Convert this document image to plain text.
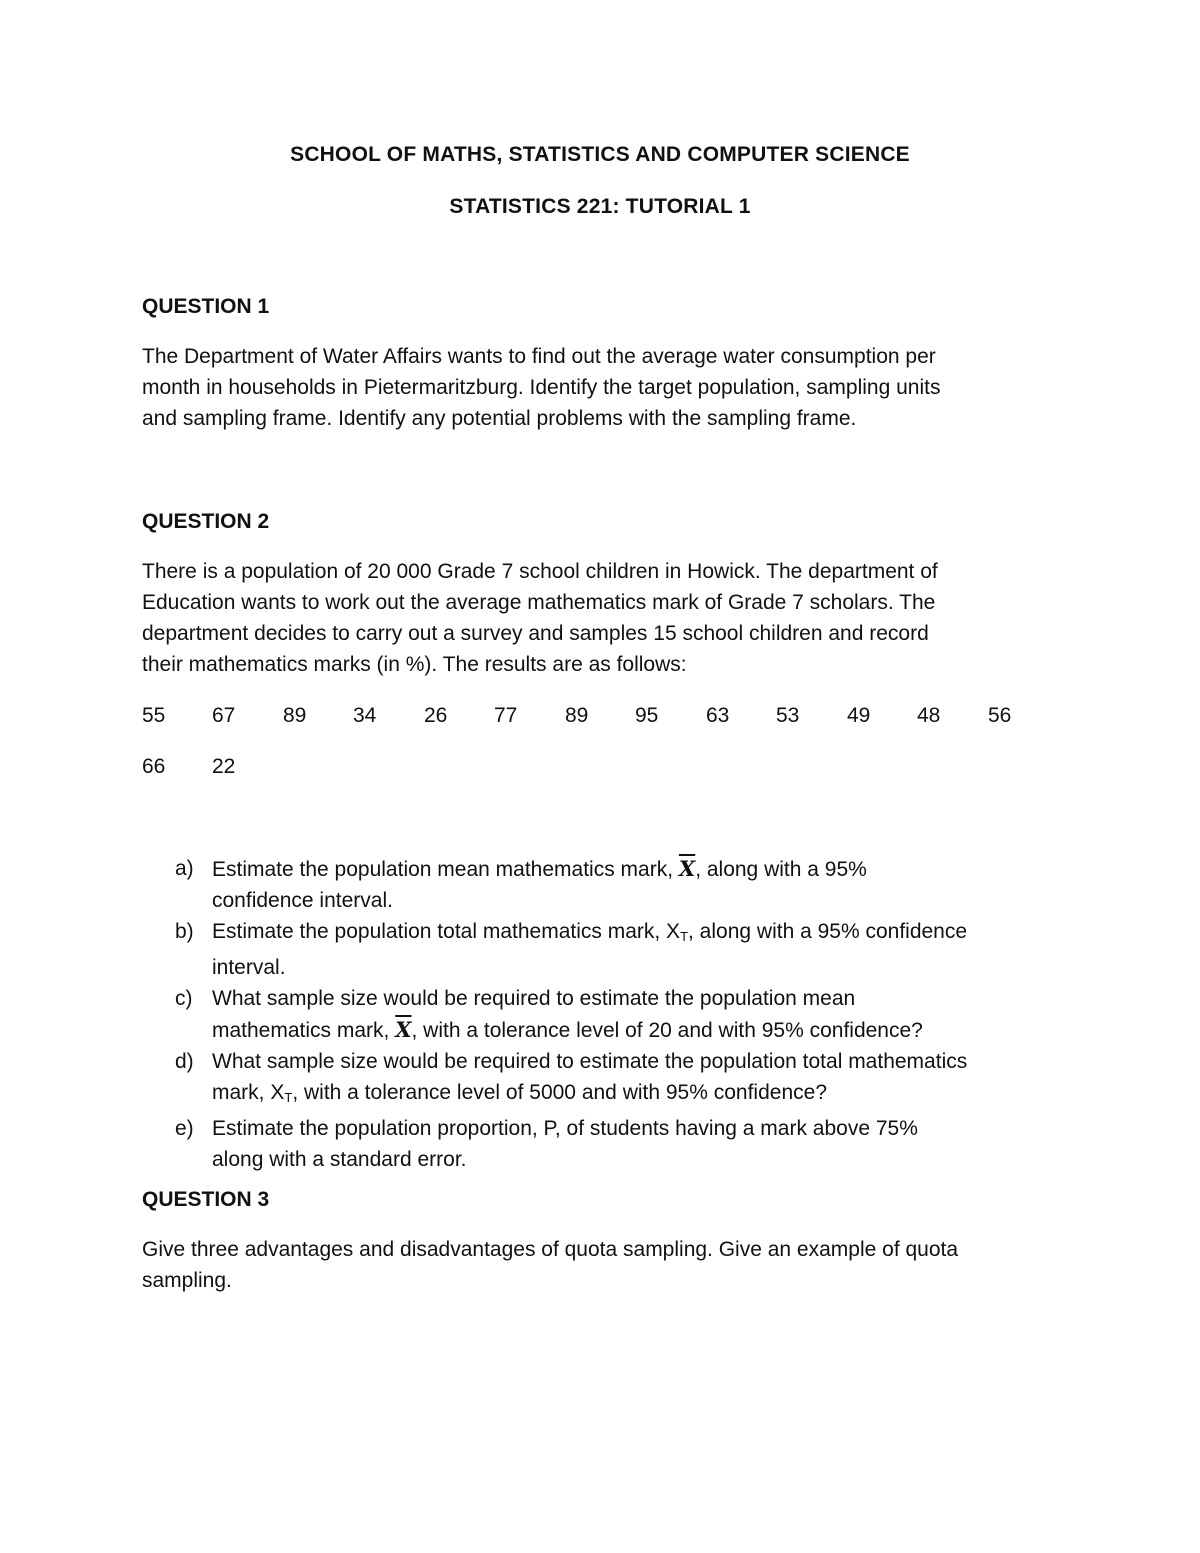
SCHOOL OF MATHS, STATISTICS AND COMPUTER SCIENCE
STATISTICS 221: TUTORIAL 1
QUESTION 1

The Department of Water Affairs wants to find out the average water consumption per
month in households in Pietermaritzburg. Identify the target population, sampling units
and sampling frame. Identify any potential problems with the sampling frame.

QUESTION 2

There is a population of 20 000 Grade 7 school children in Howick. The department of
Education wants to work out the average mathematics mark of Grade 7 scholars. The
department decides to carry out a survey and samples 15 school children and record
their mathematics marks (in %). The results are as follows:

55 67 89 34 26 77 89 95 63 53 49 48 56
66 22
a) Estimate the population mean mathematics mark, $\overline{X}$, along with a 95%
confidence interval.
b) Estimate the population total mathematics mark, $X_T$, along with a 95% confidence
interval.
c) What sample size would be required to estimate the population mean
mathematics mark, $\overline{X}$, with a tolerance level of 20 and with 95% confidence?
d) What sample size would be required to estimate the population total mathematics
mark, $X_T$, with a tolerance level of 5000 and with 95% confidence?
e) Estimate the population proportion, P, of students having a mark above 75%
along with a standard error.
QUESTION 3

Give three advantages and disadvantages of quota sampling. Give an example of quota
sampling.
